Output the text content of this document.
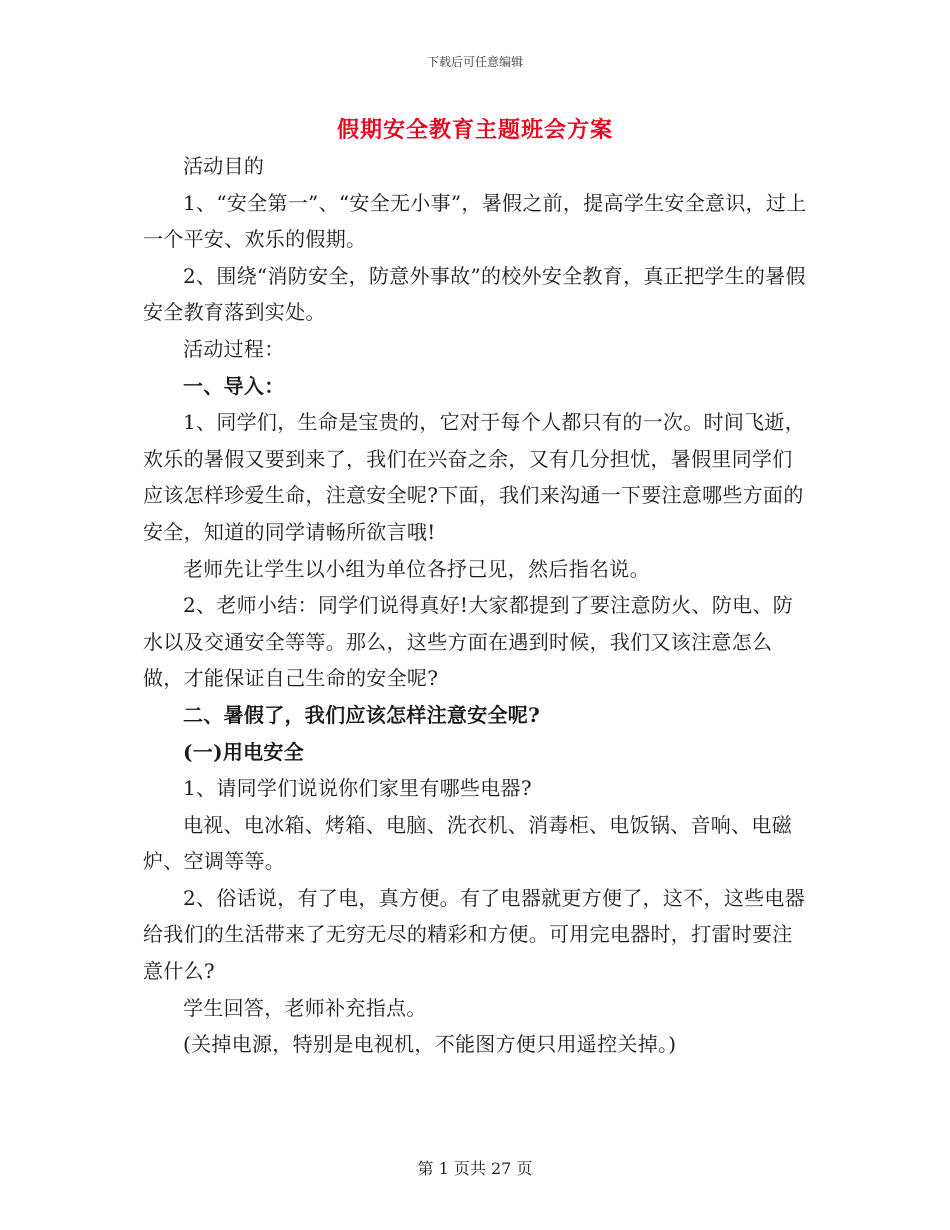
下载后可任意编辑
假期安全教育主题班会方案

活动目的

1、“安全第一”、“安全无小事”，暑假之前，提高学生安全意识，过上一个平安、欢乐的假期。

2、围绕“消防安全，防意外事故”的校外安全教育，真正把学生的暑假安全教育落到实处。

活动过程：

一、导入：

1、同学们，生命是宝贵的，它对于每个人都只有的一次。时间飞逝，欢乐的暑假又要到来了，我们在兴奋之余，又有几分担忧，暑假里同学们应该怎样珍爱生命，注意安全呢?下面，我们来沟通一下要注意哪些方面的安全，知道的同学请畅所欲言哦!

老师先让学生以小组为单位各抒己见，然后指名说。

2、老师小结：同学们说得真好!大家都提到了要注意防火、防电、防水以及交通安全等等。那么，这些方面在遇到时候，我们又该注意怎么做，才能保证自己生命的安全呢?

二、暑假了，我们应该怎样注意安全呢?

(一)用电安全

1、请同学们说说你们家里有哪些电器?

电视、电冰箱、烤箱、电脑、洗衣机、消毒柜、电饭锅、音响、电磁炉、空调等等。

2、俗话说，有了电，真方便。有了电器就更方便了，这不，这些电器给我们的生活带来了无穷无尽的精彩和方便。可用完电器时，打雷时要注意什么?

学生回答，老师补充指点。

(关掉电源，特别是电视机，不能图方便只用遥控关掉。)

第 1 页共 27 页
